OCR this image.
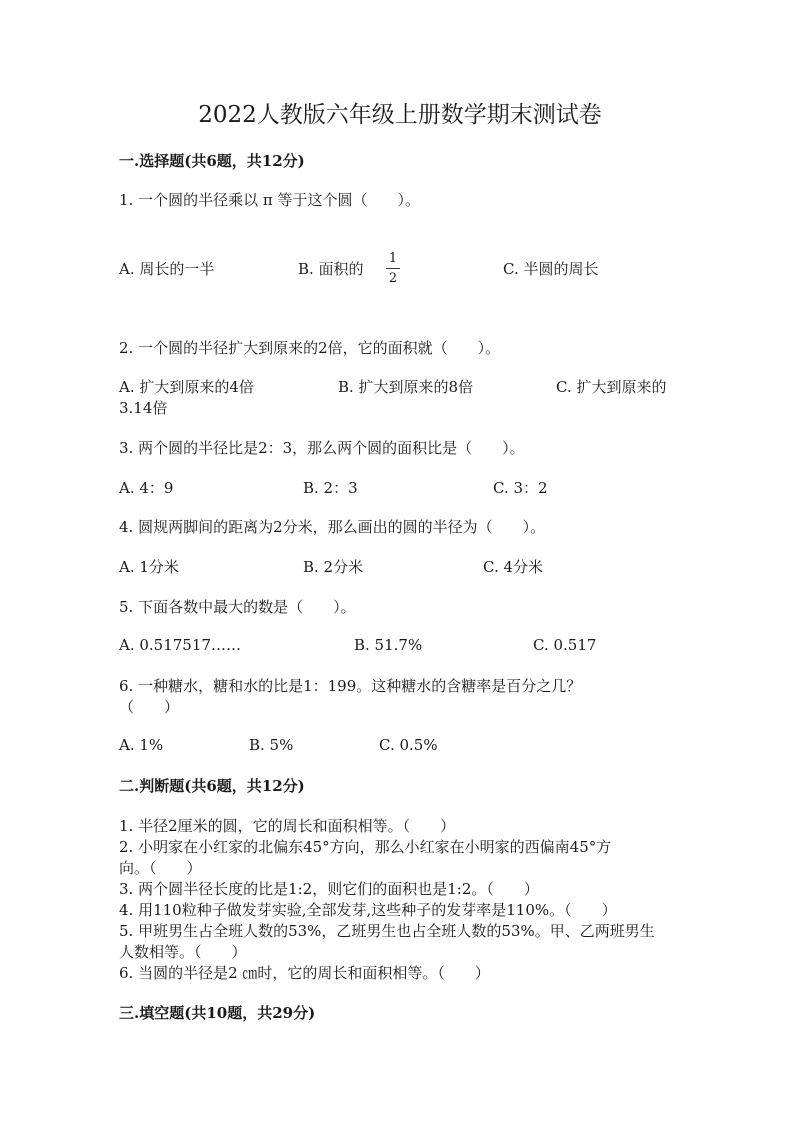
2022人教版六年级上册数学期末测试卷
一.选择题(共6题，共12分)
1. 一个圆的半径乘以 π 等于这个圆（　　）。
A. 周长的一半	B. 面积的
1
2
C. 半圆的周长
2. 一个圆的半径扩大到原来的2倍，它的面积就（　　）。
A. 扩大到原来的4倍	B. 扩大到原来的8倍	C. 扩大到原来的
3.14倍
3. 两个圆的半径比是2：3，那么两个圆的面积比是（　　）。
A. 4：9	B. 2：3	C. 3：2
4. 圆规两脚间的距离为2分米，那么画出的圆的半径为（　　）。
A. 1分米	B. 2分米	C. 4分米
5. 下面各数中最大的数是（　　）。
A. 0.517517……	B. 51.7%	C. 0.517
6. 一种糖水，糖和水的比是1：199。这种糖水的含糖率是百分之几？
（　　）
A. 1%	B. 5%	C. 0.5%
二.判断题(共6题，共12分)
1. 半径2厘米的圆，它的周长和面积相等。（　　）
2. 小明家在小红家的北偏东45°方向，那么小红家在小明家的西偏南45°方
向。（　　）
3. 两个圆半径长度的比是1:2，则它们的面积也是1:2。（　　）
4. 用110粒种子做发芽实验,全部发芽,这些种子的发芽率是110%。（　　）
5. 甲班男生占全班人数的53%，乙班男生也占全班人数的53%。甲、乙两班男生
人数相等。（　　）
6. 当圆的半径是2 ㎝时，它的周长和面积相等。（　　）
三.填空题(共10题，共29分)
